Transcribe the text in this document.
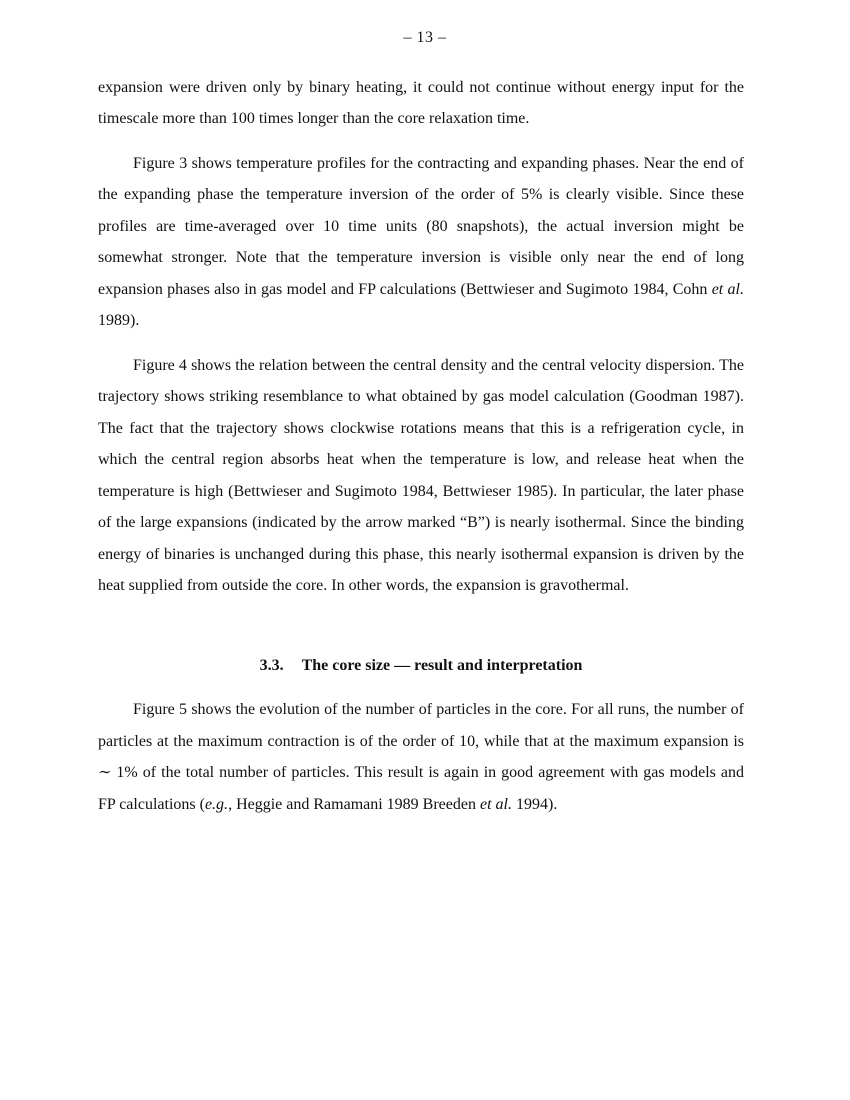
– 13 –

expansion were driven only by binary heating, it could not continue without energy input for the timescale more than 100 times longer than the core relaxation time.

Figure 3 shows temperature profiles for the contracting and expanding phases. Near the end of the expanding phase the temperature inversion of the order of 5% is clearly visible. Since these profiles are time-averaged over 10 time units (80 snapshots), the actual inversion might be somewhat stronger. Note that the temperature inversion is visible only near the end of long expansion phases also in gas model and FP calculations (Bettwieser and Sugimoto 1984, Cohn et al. 1989).

Figure 4 shows the relation between the central density and the central velocity dispersion. The trajectory shows striking resemblance to what obtained by gas model calculation (Goodman 1987). The fact that the trajectory shows clockwise rotations means that this is a refrigeration cycle, in which the central region absorbs heat when the temperature is low, and release heat when the temperature is high (Bettwieser and Sugimoto 1984, Bettwieser 1985). In particular, the later phase of the large expansions (indicated by the arrow marked “B”) is nearly isothermal. Since the binding energy of binaries is unchanged during this phase, this nearly isothermal expansion is driven by the heat supplied from outside the core. In other words, the expansion is gravothermal.

3.3. The core size — result and interpretation

Figure 5 shows the evolution of the number of particles in the core. For all runs, the number of particles at the maximum contraction is of the order of 10, while that at the maximum expansion is ∼ 1% of the total number of particles. This result is again in good agreement with gas models and FP calculations (e.g., Heggie and Ramamani 1989 Breeden et al. 1994).
